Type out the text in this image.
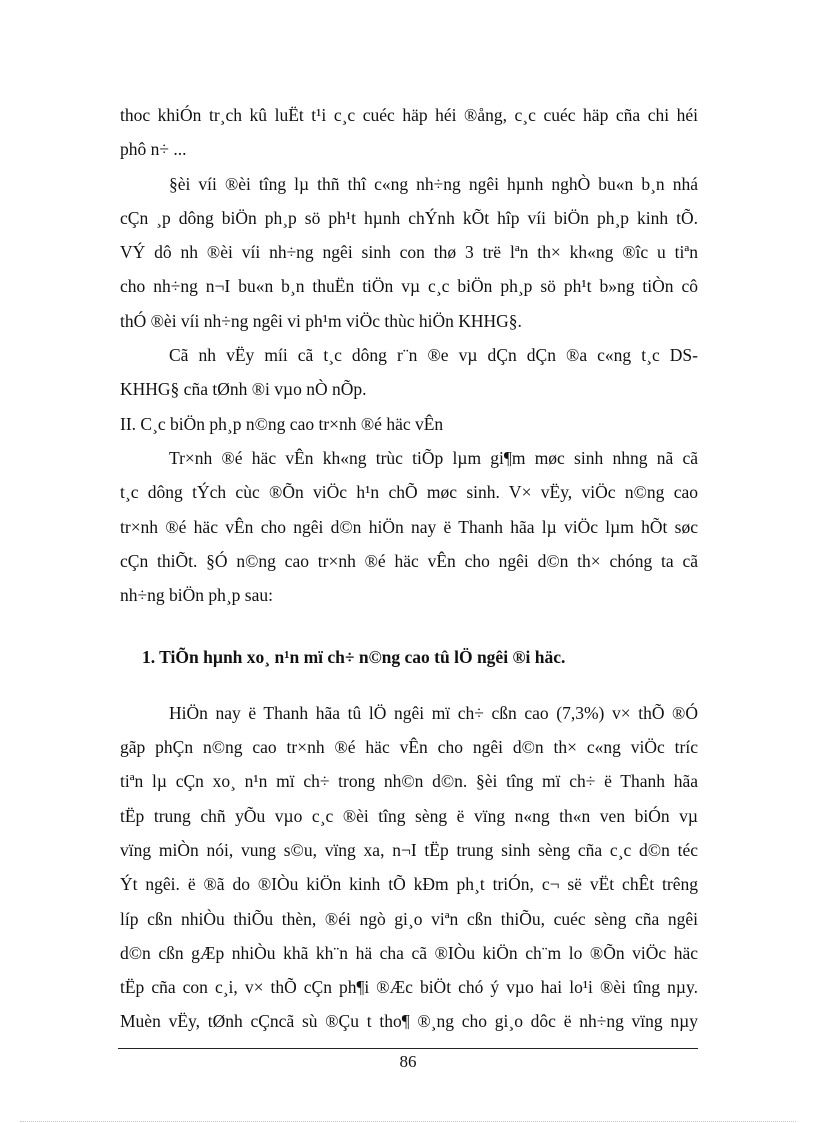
thoc khiÓn tr¸ch kû luËt t¹i c¸c cuéc häp héi ®ång, c¸c cuéc häp cña chi héi
phô n÷ ...
§èi víi ®èi tîng lµ thñ thî c«ng nh÷ng ngêi hµnh nghÒ bu«n b¸n nhá
cÇn ¸p dông biÖn ph¸p sö ph¹t hµnh chÝnh kÕt hîp víi biÖn ph¸p kinh tÕ.
VÝ dô nh ®èi víi nh÷ng ngêi sinh con thø 3 trë lªn th× kh«ng ®îc u tiªn
cho nh÷ng n¬I bu«n b¸n thuËn tiÖn vµ c¸c biÖn ph¸p sö ph¹t b»ng tiÒn cô
thÓ ®èi víi nh÷ng ngêi vi ph¹m viÖc thùc hiÖn KHHG§.
Cã nh vËy míi cã t¸c dông r¨n ®e vµ dÇn dÇn ®a c«ng t¸c DS-
KHHG§ cña tØnh ®i vµo nÒ nÕp.
II. C¸c biÖn ph¸p n©ng cao tr×nh ®é häc vÊn
Tr×nh ®é häc vÊn kh«ng trùc tiÕp lµm gi¶m møc sinh nhng nã cã
t¸c dông tÝch cùc ®Õn viÖc h¹n chÕ møc sinh. V× vËy, viÖc n©ng cao
tr×nh ®é häc vÊn cho ngêi d©n hiÖn nay ë Thanh hãa lµ viÖc lµm hÕt søc
cÇn thiÕt. §Ó n©ng cao tr×nh ®é häc vÊn cho ngêi d©n th× chóng ta cã
nh÷ng biÖn ph¸p sau:
1. TiÕn hµnh xo¸ n¹n mï ch÷ n©ng cao tû lÖ ngêi ®i häc.
HiÖn nay ë Thanh hãa tû lÖ ngêi mï ch÷ cßn cao (7,3%) v× thÕ ®Ó
gãp phÇn n©ng cao tr×nh ®é häc vÊn cho ngêi d©n th× c«ng viÖc tríc
tiªn lµ cÇn xo¸ n¹n mï ch÷ trong nh©n d©n. §èi tîng mï ch÷ ë Thanh hãa
tËp trung chñ yÕu vµo c¸c ®èi tîng sèng ë vïng n«ng th«n ven biÓn vµ
vïng miÒn nói, vung s©u, vïng xa, n¬I tËp trung sinh sèng cña c¸c d©n téc
Ýt ngêi. ë ®ã do ®IÒu kiÖn kinh tÕ kÐm ph¸t triÓn, c¬ së vËt chÊt trêng
líp cßn nhiÒu thiÕu thèn, ®éi ngò gi¸o viªn cßn thiÕu, cuéc sèng cña ngêi
d©n cßn gÆp nhiÒu khã kh¨n hä cha cã ®IÒu kiÖn ch¨m lo ®Õn viÖc häc
tËp cña con c¸i, v× thÕ cÇn ph¶i ®Æc biÖt chó ý vµo hai lo¹i ®èi tîng nµy.
Muèn vËy, tØnh cÇncã sù ®Çu t tho¶ ®¸ng cho gi¸o dôc ë nh÷ng vïng nµy
86
